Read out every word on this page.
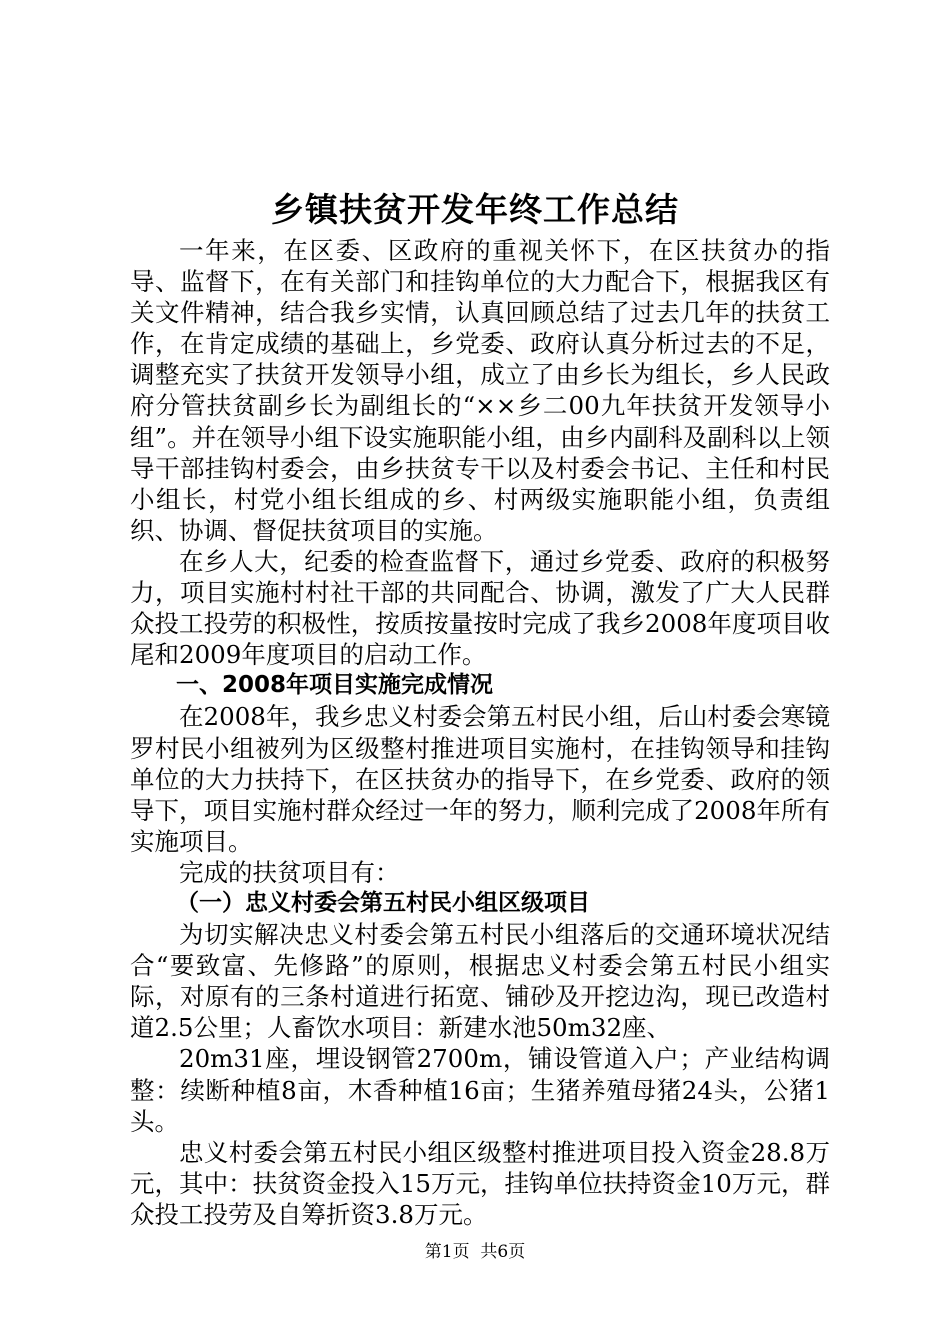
乡镇扶贫开发年终工作总结

一年来，在区委、区政府的重视关怀下，在区扶贫办的指导、监督下，在有关部门和挂钩单位的大力配合下，根据我区有关文件精神，结合我乡实情，认真回顾总结了过去几年的扶贫工作，在肯定成绩的基础上，乡党委、政府认真分析过去的不足，调整充实了扶贫开发领导小组，成立了由乡长为组长，乡人民政府分管扶贫副乡长为副组长的“××乡二00九年扶贫开发领导小组”。并在领导小组下设实施职能小组，由乡内副科及副科以上领导干部挂钩村委会，由乡扶贫专干以及村委会书记、主任和村民小组长，村党小组长组成的乡、村两级实施职能小组，负责组织、协调、督促扶贫项目的实施。

在乡人大，纪委的检查监督下，通过乡党委、政府的积极努力，项目实施村村社干部的共同配合、协调，激发了广大人民群众投工投劳的积极性，按质按量按时完成了我乡2008年度项目收尾和2009年度项目的启动工作。

一、2008年项目实施完成情况

在2008年，我乡忠义村委会第五村民小组，后山村委会寒镜罗村民小组被列为区级整村推进项目实施村，在挂钩领导和挂钩单位的大力扶持下，在区扶贫办的指导下，在乡党委、政府的领导下，项目实施村群众经过一年的努力，顺利完成了2008年所有实施项目。

完成的扶贫项目有：

（一）忠义村委会第五村民小组区级项目

为切实解决忠义村委会第五村民小组落后的交通环境状况结合“要致富、先修路”的原则，根据忠义村委会第五村民小组实际，对原有的三条村道进行拓宽、铺砂及开挖边沟，现已改造村道2.5公里；人畜饮水项目：新建水池50m32座、

20m31座，埋设钢管2700m，铺设管道入户；产业结构调整：续断种植8亩，木香种植16亩；生猪养殖母猪24头，公猪1头。

忠义村委会第五村民小组区级整村推进项目投入资金28.8万元，其中：扶贫资金投入15万元，挂钩单位扶持资金10万元，群众投工投劳及自筹折资3.8万元。

第1页  共6页
